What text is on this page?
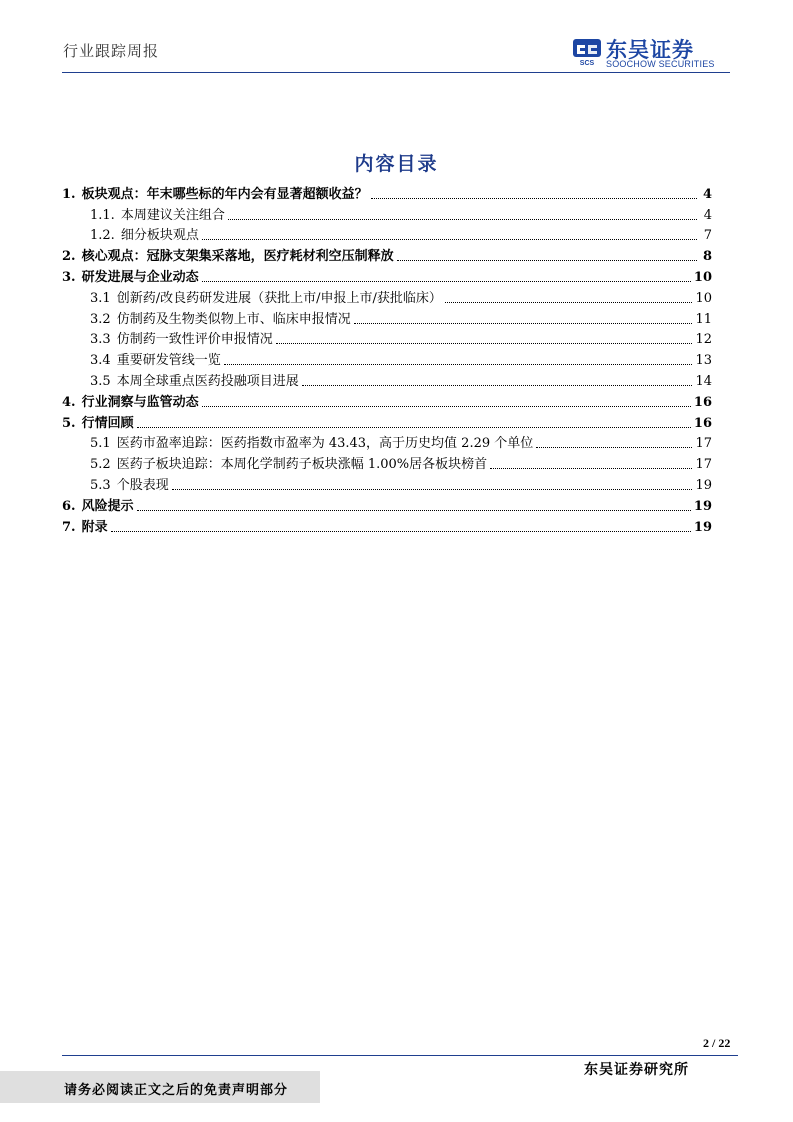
行业跟踪周报
SCS
东吴证券
SOOCHOW SECURITIES
内容目录
1. 板块观点：年末哪些标的年内会有显著超额收益？	4
1.1. 本周建议关注组合	4
1.2. 细分板块观点	7
2. 核心观点：冠脉支架集采落地，医疗耗材利空压制释放	8
3. 研发进展与企业动态	10
3.1 创新药/改良药研发进展（获批上市/申报上市/获批临床）	10
3.2 仿制药及生物类似物上市、临床申报情况	11
3.3 仿制药一致性评价申报情况	12
3.4 重要研发管线一览	13
3.5 本周全球重点医药投融项目进展	14
4. 行业洞察与监管动态	16
5. 行情回顾	16
5.1 医药市盈率追踪：医药指数市盈率为 43.43，高于历史均值 2.29 个单位	17
5.2 医药子板块追踪：本周化学制药子板块涨幅 1.00%居各板块榜首	17
5.3 个股表现	19
6. 风险提示	19
7. 附录	19
2 / 22
东吴证券研究所
请务必阅读正文之后的免责声明部分
